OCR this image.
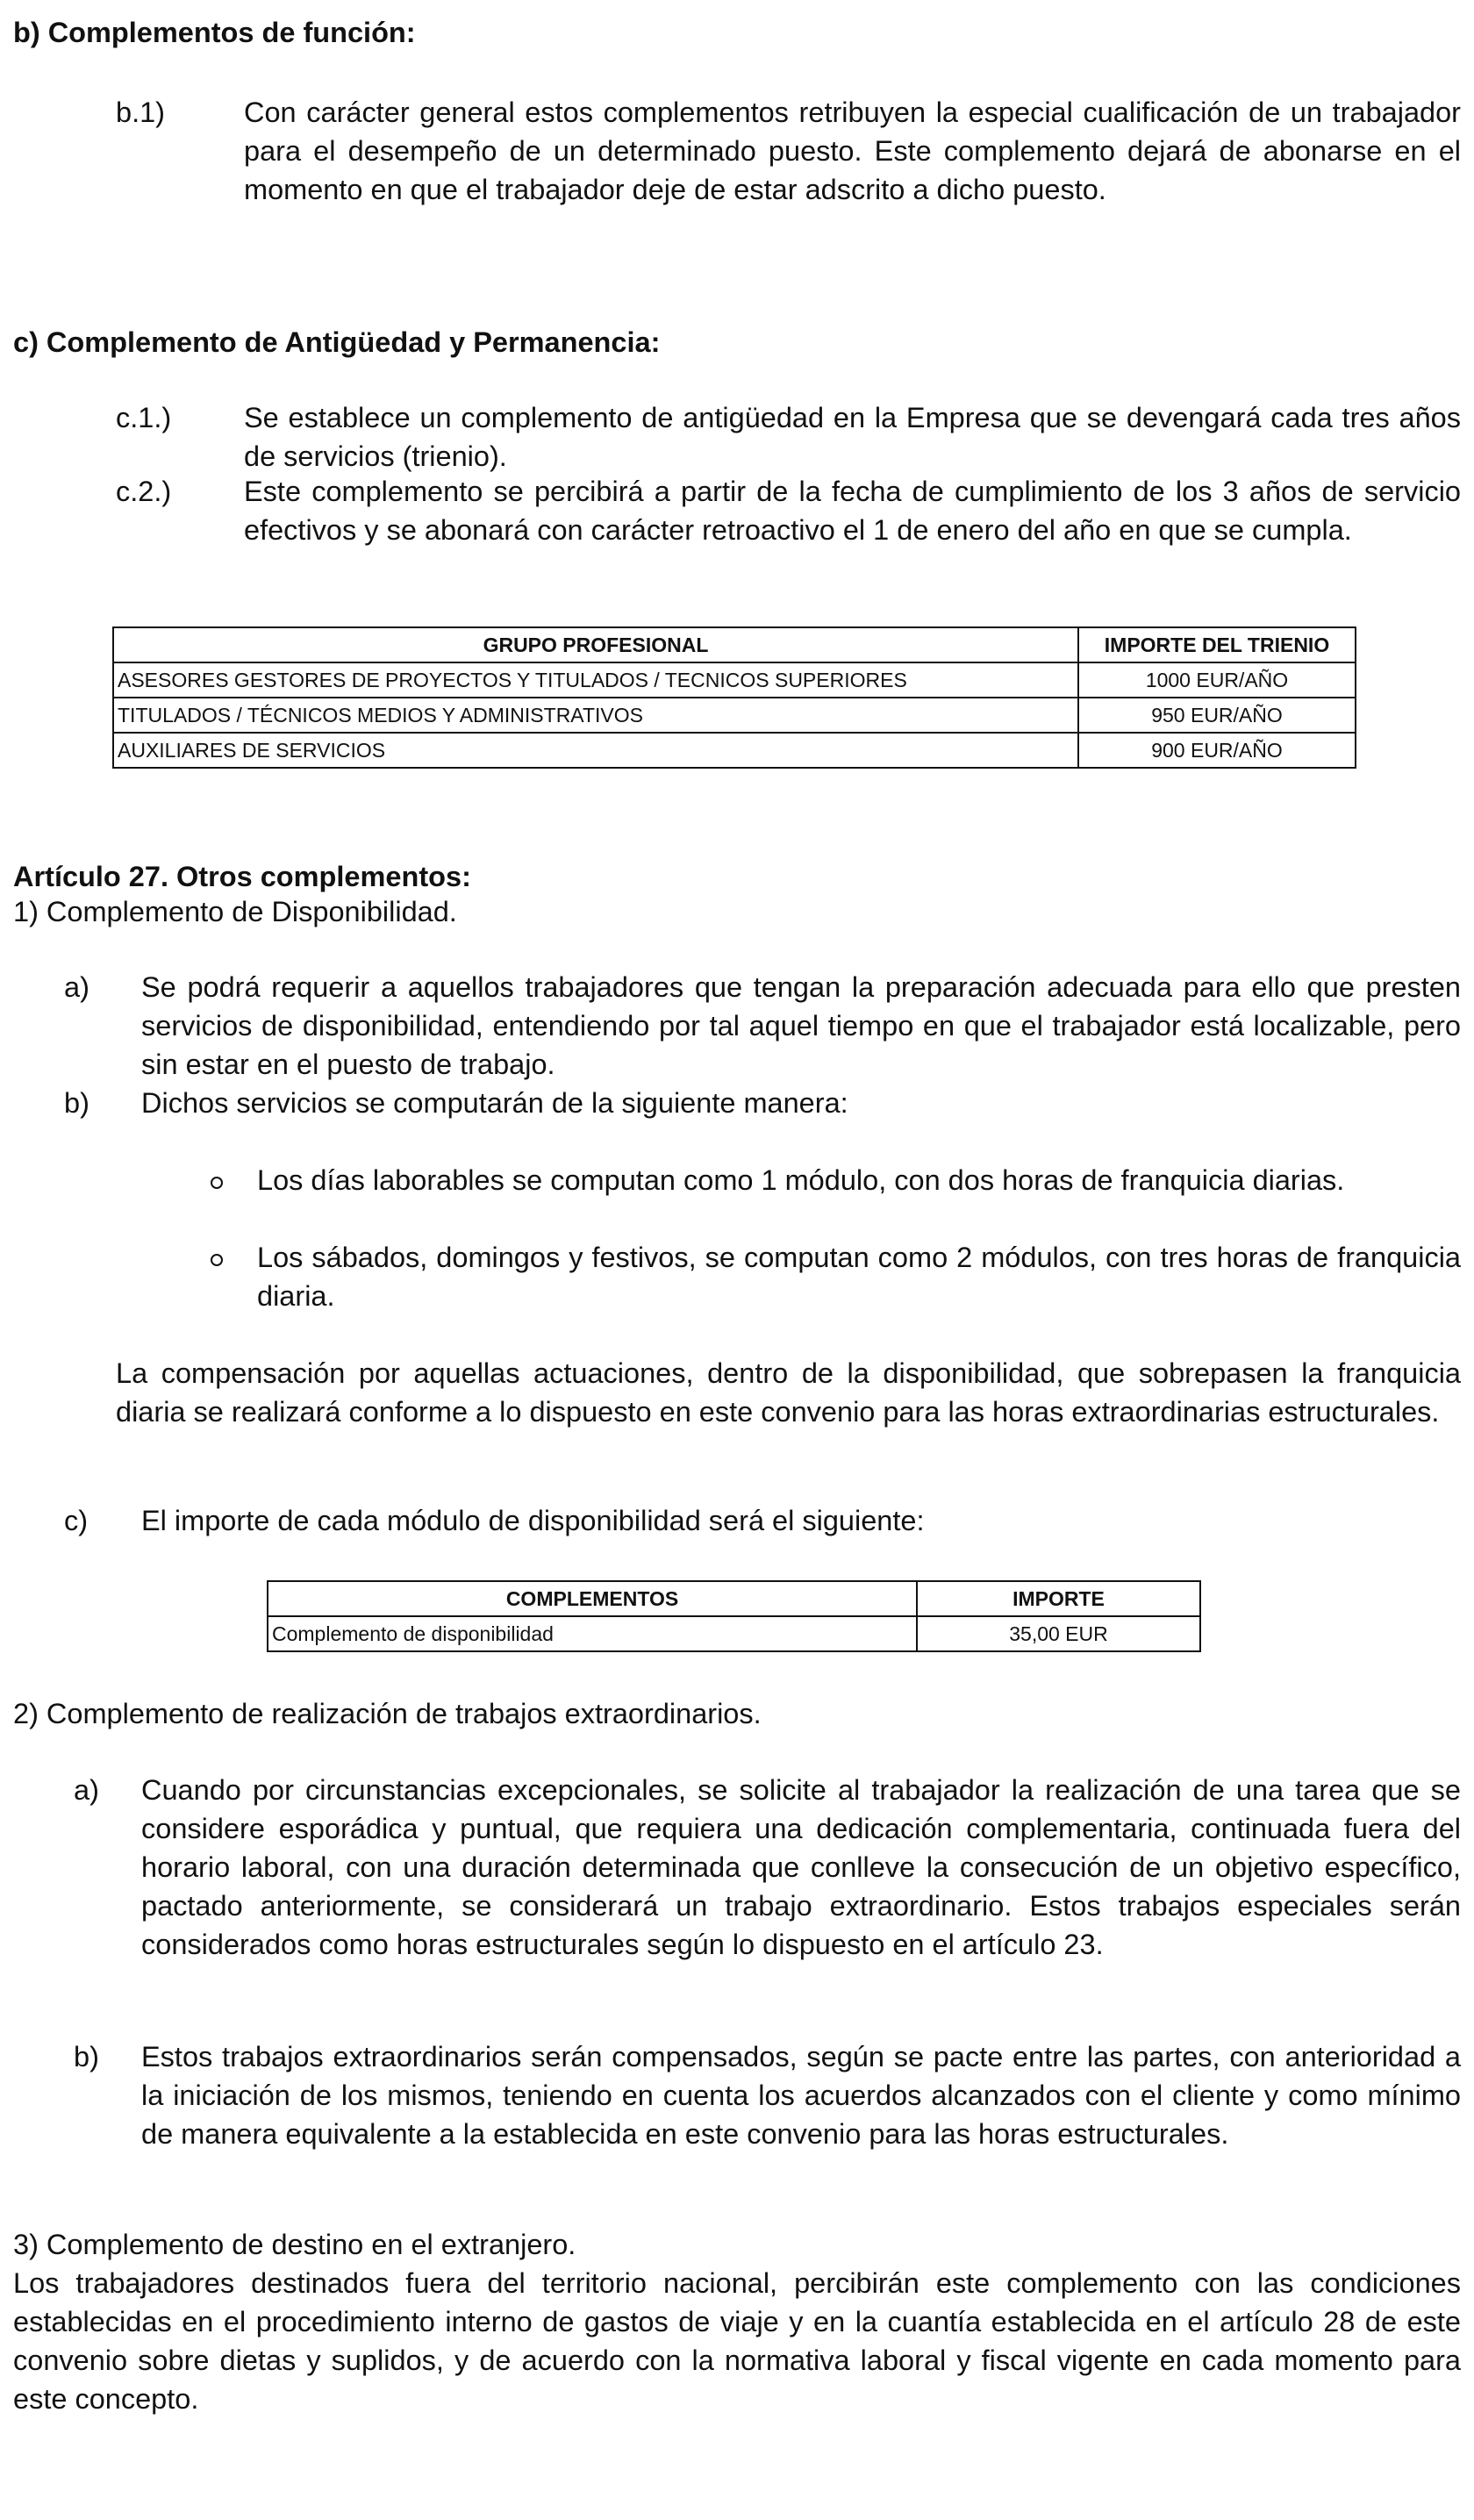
b) Complementos de función:
b.1)	Con carácter general estos complementos retribuyen la especial cualificación de un trabajador para el desempeño de un determinado puesto. Este complemento dejará de abonarse en el momento en que el trabajador deje de estar adscrito a dicho puesto.
c) Complemento de Antigüedad y Permanencia:
c.1.)	Se establece un complemento de antigüedad en la Empresa que se devengará cada tres años de servicios (trienio).
c.2.)	Este complemento se percibirá a partir de la fecha de cumplimiento de los 3 años de servicio efectivos y se abonará con carácter retroactivo el 1 de enero del año en que se cumpla.
GRUPO PROFESIONAL	IMPORTE DEL TRIENIO
ASESORES GESTORES DE PROYECTOS Y TITULADOS / TECNICOS SUPERIORES	1000 EUR/AÑO
TITULADOS / TÉCNICOS MEDIOS Y ADMINISTRATIVOS	950 EUR/AÑO
AUXILIARES DE SERVICIOS	900 EUR/AÑO
Artículo 27. Otros complementos:
1) Complemento de Disponibilidad.
a) Se podrá requerir a aquellos trabajadores que tengan la preparación adecuada para ello que presten servicios de disponibilidad, entendiendo por tal aquel tiempo en que el trabajador está localizable, pero sin estar en el puesto de trabajo.
b) Dichos servicios se computarán de la siguiente manera:
Los días laborables se computan como 1 módulo, con dos horas de franquicia diarias.
Los sábados, domingos y festivos, se computan como 2 módulos, con tres horas de franquicia diaria.
La compensación por aquellas actuaciones, dentro de la disponibilidad, que sobrepasen la franquicia diaria se realizará conforme a lo dispuesto en este convenio para las horas extraordinarias estructurales.
c) El importe de cada módulo de disponibilidad será el siguiente:
COMPLEMENTOS	IMPORTE
Complemento de disponibilidad	35,00 EUR
2) Complemento de realización de trabajos extraordinarios.
a) Cuando por circunstancias excepcionales, se solicite al trabajador la realización de una tarea que se considere esporádica y puntual, que requiera una dedicación complementaria, continuada fuera del horario laboral, con una duración determinada que conlleve la consecución de un objetivo específico, pactado anteriormente, se considerará un trabajo extraordinario. Estos trabajos especiales serán considerados como horas estructurales según lo dispuesto en el artículo 23.
b) Estos trabajos extraordinarios serán compensados, según se pacte entre las partes, con anterioridad a la iniciación de los mismos, teniendo en cuenta los acuerdos alcanzados con el cliente y como mínimo de manera equivalente a la establecida en este convenio para las horas estructurales.
3) Complemento de destino en el extranjero.
Los trabajadores destinados fuera del territorio nacional, percibirán este complemento con las condiciones establecidas en el procedimiento interno de gastos de viaje y en la cuantía establecida en el artículo 28 de este convenio sobre dietas y suplidos, y de acuerdo con la normativa laboral y fiscal vigente en cada momento para este concepto.
